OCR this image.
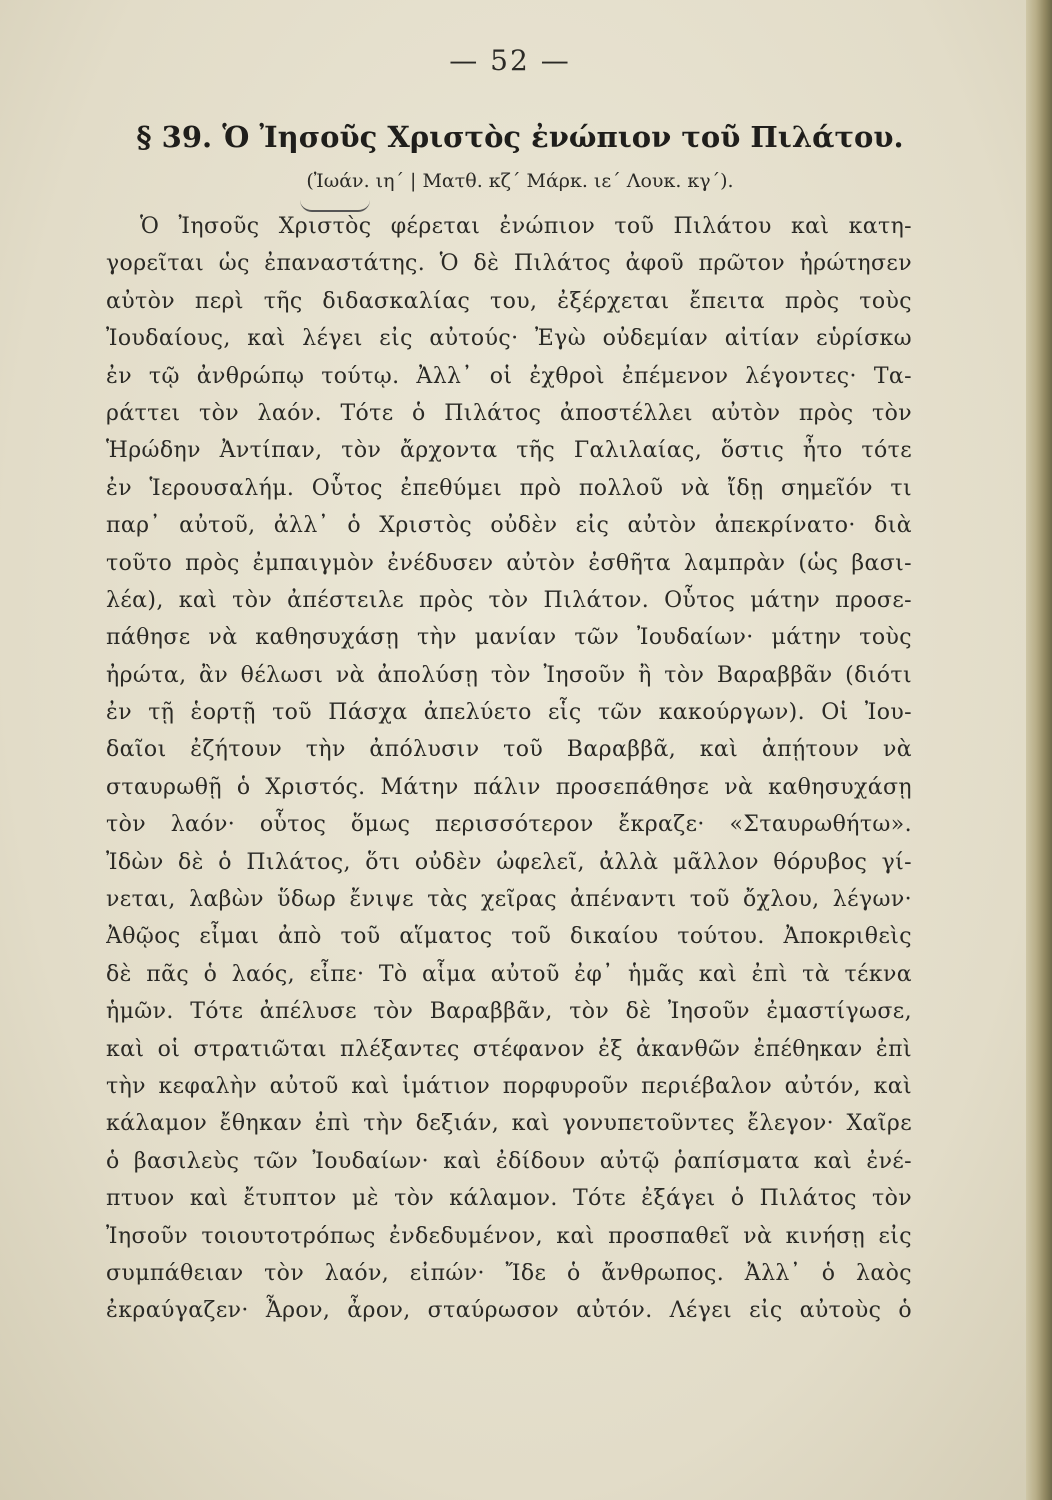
— 52 —
§ 39. Ὁ Ἰησοῦς Χριστὸς ἐνώπιον τοῦ Πιλάτου.
(Ἰωάν. ιη´ | Ματθ. κζ´ Μάρκ. ιε´ Λουκ. κγ´).
Ὁ Ἰησοῦς Χριστὸς φέρεται ἐνώπιον τοῦ Πιλάτου καὶ κατη-
γορεῖται ὡς ἐπαναστάτης. Ὁ δὲ Πιλάτος ἀφοῦ πρῶτον ἠρώτησεν
αὐτὸν περὶ τῆς διδασκαλίας του, ἐξέρχεται ἔπειτα πρὸς τοὺς
Ἰουδαίους, καὶ λέγει εἰς αὐτούς· Ἐγὼ οὐδεμίαν αἰτίαν εὑρίσκω
ἐν τῷ ἀνθρώπῳ τούτῳ. Ἀλλ᾽ οἱ ἐχθροὶ ἐπέμενον λέγοντες· Τα-
ράττει τὸν λαόν. Τότε ὁ Πιλάτος ἀποστέλλει αὐτὸν πρὸς τὸν
Ἡρώδην Ἀντίπαν, τὸν ἄρχοντα τῆς Γαλιλαίας, ὅστις ἦτο τότε
ἐν Ἱερουσαλήμ. Οὗτος ἐπεθύμει πρὸ πολλοῦ νὰ ἴδῃ σημεῖόν τι
παρ᾽ αὐτοῦ, ἀλλ᾽ ὁ Χριστὸς οὐδὲν εἰς αὐτὸν ἀπεκρίνατο· διὰ
τοῦτο πρὸς ἐμπαιγμὸν ἐνέδυσεν αὐτὸν ἐσθῆτα λαμπρὰν (ὡς βασι-
λέα), καὶ τὸν ἀπέστειλε πρὸς τὸν Πιλάτον. Οὗτος μάτην προσε-
πάθησε νὰ καθησυχάσῃ τὴν μανίαν τῶν Ἰουδαίων· μάτην τοὺς
ἠρώτα, ἂν θέλωσι νὰ ἀπολύσῃ τὸν Ἰησοῦν ἢ τὸν Βαραββᾶν (διότι
ἐν τῇ ἑορτῇ τοῦ Πάσχα ἀπελύετο εἷς τῶν κακούργων). Οἱ Ἰου-
δαῖοι ἐζήτουν τὴν ἀπόλυσιν τοῦ Βαραββᾶ, καὶ ἀπῄτουν νὰ
σταυρωθῇ ὁ Χριστός. Μάτην πάλιν προσεπάθησε νὰ καθησυχάσῃ
τὸν λαόν· οὗτος ὅμως περισσότερον ἔκραζε· «Σταυρωθήτω».
Ἰδὼν δὲ ὁ Πιλάτος, ὅτι οὐδὲν ὠφελεῖ, ἀλλὰ μᾶλλον θόρυβος γί-
νεται, λαβὼν ὕδωρ ἔνιψε τὰς χεῖρας ἀπέναντι τοῦ ὄχλου, λέγων·
Ἀθῷος εἶμαι ἀπὸ τοῦ αἵματος τοῦ δικαίου τούτου. Ἀποκριθεὶς
δὲ πᾶς ὁ λαός, εἶπε· Τὸ αἷμα αὐτοῦ ἐφ᾽ ἡμᾶς καὶ ἐπὶ τὰ τέκνα
ἡμῶν. Τότε ἀπέλυσε τὸν Βαραββᾶν, τὸν δὲ Ἰησοῦν ἐμαστίγωσε,
καὶ οἱ στρατιῶται πλέξαντες στέφανον ἐξ ἀκανθῶν ἐπέθηκαν ἐπὶ
τὴν κεφαλὴν αὐτοῦ καὶ ἱμάτιον πορφυροῦν περιέβαλον αὐτόν, καὶ
κάλαμον ἔθηκαν ἐπὶ τὴν δεξιάν, καὶ γονυπετοῦντες ἔλεγον· Χαῖρε
ὁ βασιλεὺς τῶν Ἰουδαίων· καὶ ἐδίδουν αὐτῷ ῥαπίσματα καὶ ἐνέ-
πτυον καὶ ἔτυπτον μὲ τὸν κάλαμον. Τότε ἐξάγει ὁ Πιλάτος τὸν
Ἰησοῦν τοιουτοτρόπως ἐνδεδυμένον, καὶ προσπαθεῖ νὰ κινήσῃ εἰς
συμπάθειαν τὸν λαόν, εἰπών· Ἴδε ὁ ἄνθρωπος. Ἀλλ᾽ ὁ λαὸς
ἐκραύγαζεν· Ἆρον, ἆρον, σταύρωσον αὐτόν. Λέγει εἰς αὐτοὺς ὁ
